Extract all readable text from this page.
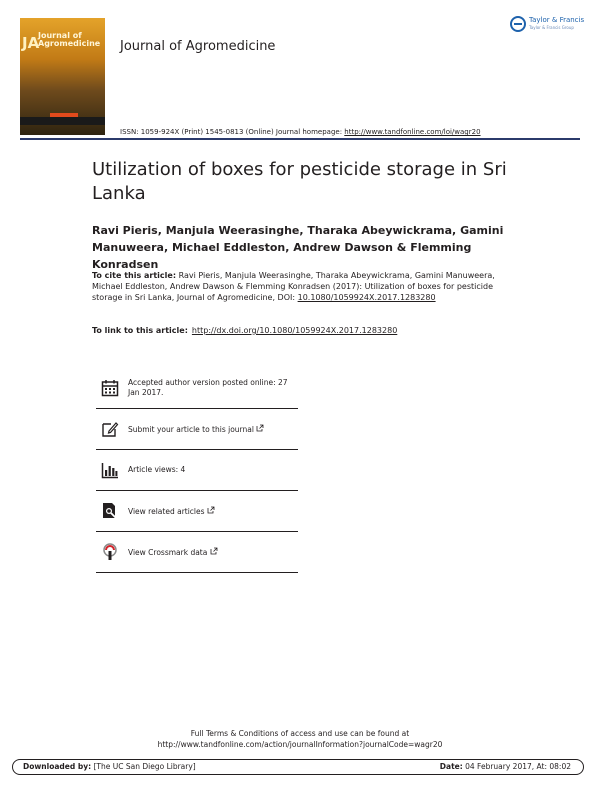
JA
Journal of Agromedicine Journal of Agromedicine
Taylor & Francis
Taylor & Francis Group
ISSN: 1059-924X (Print) 1545-0813 (Online) Journal homepage: http://www.tandfonline.com/loi/wagr20
Utilization of boxes for pesticide storage in Sri Lanka
Ravi Pieris, Manjula Weerasinghe, Tharaka Abeywickrama, Gamini Manuweera, Michael Eddleston, Andrew Dawson & Flemming Konradsen
To cite this article: Ravi Pieris, Manjula Weerasinghe, Tharaka Abeywickrama, Gamini Manuweera, Michael Eddleston, Andrew Dawson & Flemming Konradsen (2017): Utilization of boxes for pesticide storage in Sri Lanka, Journal of Agromedicine, DOI: 10.1080/1059924X.2017.1283280
To link to this article: http://dx.doi.org/10.1080/1059924X.2017.1283280
Accepted author version posted online: 27 Jan 2017.
Submit your article to this journal
Article views: 4
View related articles
View Crossmark data
Full Terms & Conditions of access and use can be found at
http://www.tandfonline.com/action/journalInformation?journalCode=wagr20
Downloaded by: [The UC San Diego Library]	Date: 04 February 2017, At: 08:02
